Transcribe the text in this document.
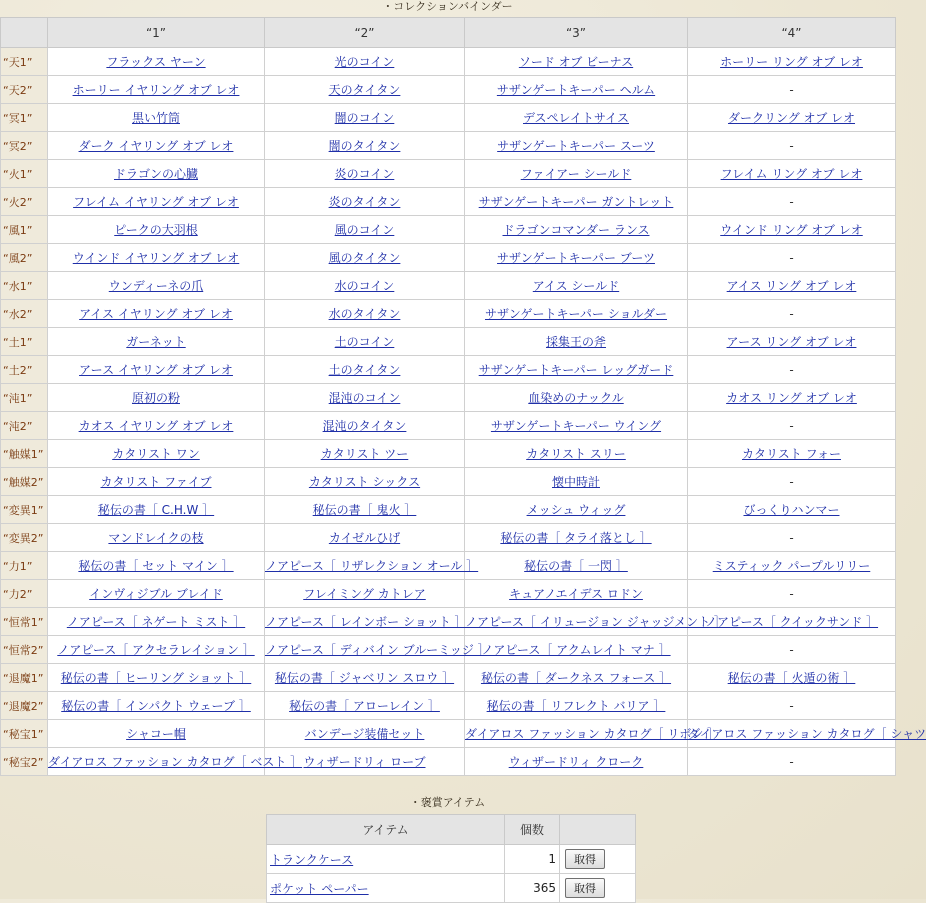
・コレクションバインダー
	“1”	“2”	“3”	“4”
“天1”	フラックス ヤーン	光のコイン	ソード オブ ビーナス	ホーリー リング オブ レオ
“天2”	ホーリー イヤリング オブ レオ	天のタイタン	サザンゲートキーパー ヘルム	-
“冥1”	黒い竹筒	闇のコイン	デスペレイトサイス	ダークリング オブ レオ
“冥2”	ダーク イヤリング オブ レオ	闇のタイタン	サザンゲートキーパー スーツ	-
“火1”	ドラゴンの心臓	炎のコイン	ファイアー シールド	フレイム リング オブ レオ
“火2”	フレイム イヤリング オブ レオ	炎のタイタン	サザンゲートキーパー ガントレット	-
“風1”	ピークの大羽根	風のコイン	ドラゴンコマンダー ランス	ウインド リング オブ レオ
“風2”	ウインド イヤリング オブ レオ	風のタイタン	サザンゲートキーパー ブーツ	-
“水1”	ウンディーネの爪	水のコイン	アイス シールド	アイス リング オブ レオ
“水2”	アイス イヤリング オブ レオ	水のタイタン	サザンゲートキーパー ショルダー	-
“土1”	ガーネット	土のコイン	採集王の斧	アース リング オブ レオ
“土2”	アース イヤリング オブ レオ	土のタイタン	サザンゲートキーパー レッグガード	-
“沌1”	原初の粉	混沌のコイン	血染めのナックル	カオス リング オブ レオ
“沌2”	カオス イヤリング オブ レオ	混沌のタイタン	サザンゲートキーパー ウイング	-
“触媒1”	カタリスト ワン	カタリスト ツー	カタリスト スリー	カタリスト フォー
“触媒2”	カタリスト ファイブ	カタリスト シックス	懐中時計	-
“変異1”	秘伝の書［ C.H.W ］	秘伝の書［ 鬼火 ］	メッシュ ウィッグ	びっくりハンマー
“変異2”	マンドレイクの枝	カイゼルひげ	秘伝の書［ タライ落とし ］	-
“力1”	秘伝の書［ セット マイン ］	ノアピース［ リザレクション オール ］	秘伝の書［ 一閃 ］	ミスティック パープルリリー
“力2”	インヴィジブル ブレイド	フレイミング カトレア	キュアノエイデス ロドン	-
“恒常1”	ノアピース［ ネゲート ミスト ］	ノアピース［ レインボー ショット ］	ノアピース［ イリュージョン ジャッジメント ］	ノアピース［ クイックサンド ］
“恒常2”	ノアピース［ アクセラレイション ］	ノアピース［ ディバイン ブルーミッジ ］	ノアピース［ アクムレイト マナ ］	-
“退魔1”	秘伝の書［ ヒーリング ショット ］	秘伝の書［ ジャベリン スロウ ］	秘伝の書［ ダークネス フォース ］	秘伝の書［ 火遁の術 ］
“退魔2”	秘伝の書［ インパクト ウェーブ ］	秘伝の書［ アローレイン ］	秘伝の書［ リフレクト バリア ］	-
“秘宝1”	シャコー帽	バンデージ装備セット	ダイアロス ファッション カタログ［ リボン ］	ダイアロス ファッション カタログ［ シャツ
“秘宝2”	ダイアロス ファッション カタログ［ ベスト ］	ウィザードリィ ローブ	ウィザードリィ クローク	-
・褒賞アイテム
アイテム	個数	
トランクケース	1	取得
ポケット ペーパー	365	取得
